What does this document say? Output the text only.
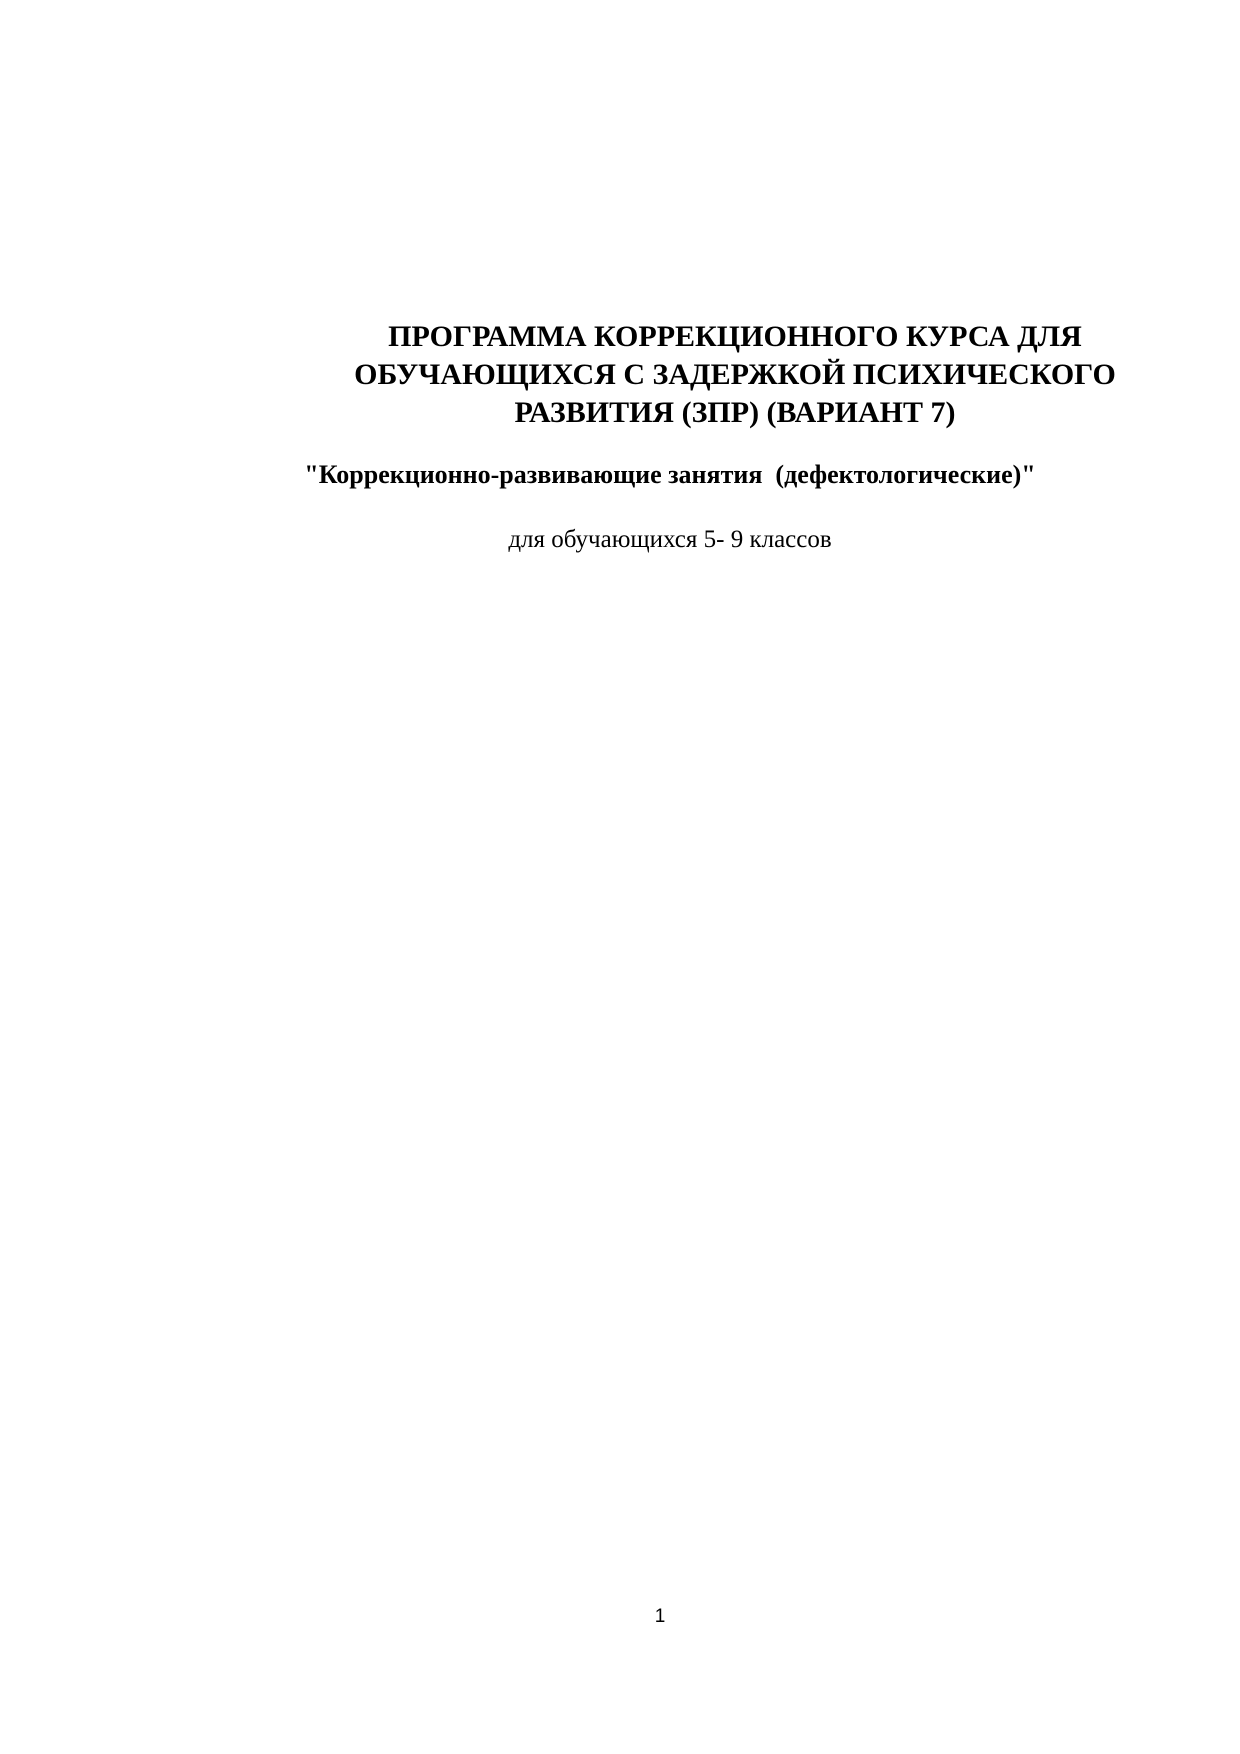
ПРОГРАММА КОРРЕКЦИОННОГО КУРСА ДЛЯ
ОБУЧАЮЩИХСЯ С ЗАДЕРЖКОЙ ПСИХИЧЕСКОГО
РАЗВИТИЯ (ЗПР) (ВАРИАНТ 7)
"Коррекционно-развивающие занятия  (дефектологические)"
для обучающихся 5- 9 классов
1
